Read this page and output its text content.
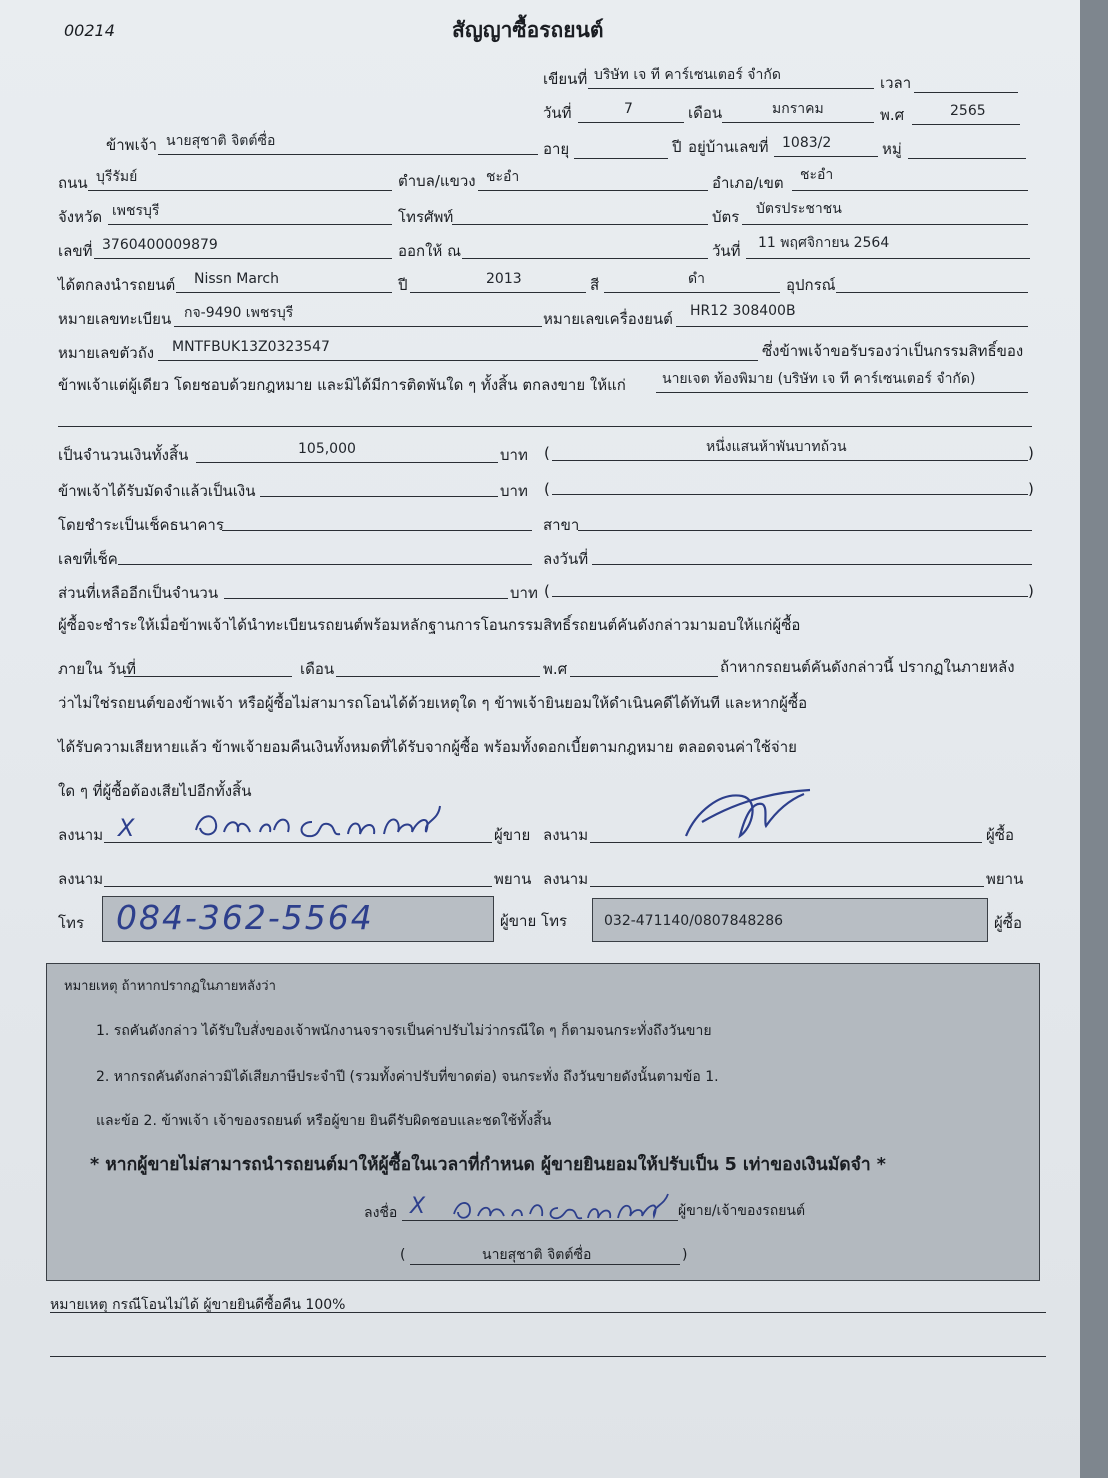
00214	สัญญาซื้อรถยนต์
เขียนที่ บริษัท เจ ที คาร์เซนเตอร์ จำกัด	เวลา
วันที่	7	เดือน	มกราคม	พ.ศ	2565
ข้าพเจ้า นายสุชาติ จิตต์ซื่อ	อายุ	ปี อยู่บ้านเลขที่ 1083/2	หมู่
ถนน บุรีรัมย์	ตำบล/แขวง ชะอำ	อำเภอ/เขต ชะอำ
จังหวัด เพชรบุรี	โทรศัพท์	บัตร บัตรประชาชน
เลขที่ 3760400009879	ออกให้ ณ	วันที่ 11 พฤศจิกายน 2564
ได้ตกลงนำรถยนต์ Nissn March	ปี	2013	สี	ดำ	อุปกรณ์
หมายเลขทะเบียน กจ-9490 เพชรบุรี	หมายเลขเครื่องยนต์ HR12 308400B
หมายเลขตัวถัง MNTFBUK13Z0323547	ซึ่งข้าพเจ้าขอรับรองว่าเป็นกรรมสิทธิ์ของ
ข้าพเจ้าแต่ผู้เดียว โดยชอบด้วยกฎหมาย และมิได้มีการติดพันใด ๆ ทั้งสิ้น ตกลงขาย ให้แก่	นายเจต ท้องพิมาย (บริษัท เจ ที คาร์เซนเตอร์ จำกัด)
เป็นจำนวนเงินทั้งสิ้น	105,000	บาท (	หนึ่งแสนห้าพันบาทถ้วน	)
ข้าพเจ้าได้รับมัดจำแล้วเป็นเงิน	บาท (	)
โดยชำระเป็นเช็คธนาคาร	สาขา
เลขที่เช็ค	ลงวันที่
ส่วนที่เหลืออีกเป็นจำนวน	บาท (	)
ผู้ซื้อจะชำระให้เมื่อข้าพเจ้าได้นำทะเบียนรถยนต์พร้อมหลักฐานการโอนกรรมสิทธิ์รถยนต์คันดังกล่าวมามอบให้แก่ผู้ซื้อ
ภายใน วันที่	เดือน	พ.ศ	ถ้าหากรถยนต์คันดังกล่าวนี้ ปรากฏในภายหลัง
ว่าไม่ใช่รถยนต์ของข้าพเจ้า หรือผู้ซื้อไม่สามารถโอนได้ด้วยเหตุใด ๆ ข้าพเจ้ายินยอมให้ดำเนินคดีได้ทันที และหากผู้ซื้อ
ได้รับความเสียหายแล้ว ข้าพเจ้ายอมคืนเงินทั้งหมดที่ได้รับจากผู้ซื้อ พร้อมทั้งดอกเบี้ยตามกฎหมาย ตลอดจนค่าใช้จ่าย
ใด ๆ ที่ผู้ซื้อต้องเสียไปอีกทั้งสิ้น
ลงนาม X	ผู้ขาย ลงนาม	ผู้ซื้อ
ลงนาม	พยาน ลงนาม	พยาน
โทร 084-362-5564	ผู้ขาย โทร	032-471140/0807848286	ผู้ซื้อ
หมายเหตุ ถ้าหากปรากฏในภายหลังว่า
1. รถคันดังกล่าว ได้รับใบสั่งของเจ้าพนักงานจราจรเป็นค่าปรับไม่ว่ากรณีใด ๆ ก็ตามจนกระทั่งถึงวันขาย
2. หากรถคันดังกล่าวมิได้เสียภาษีประจำปี (รวมทั้งค่าปรับที่ขาดต่อ) จนกระทั่ง ถึงวันขายดังนั้นตามข้อ 1.
และข้อ 2. ข้าพเจ้า เจ้าของรถยนต์ หรือผู้ขาย ยินดีรับผิดชอบและชดใช้ทั้งสิ้น
* หากผู้ขายไม่สามารถนำรถยนต์มาให้ผู้ซื้อในเวลาที่กำหนด ผู้ขายยินยอมให้ปรับเป็น 5 เท่าของเงินมัดจำ *
ลงชื่อ X	ผู้ขาย/เจ้าของรถยนต์
(	นายสุชาติ จิตต์ซื่อ	)
หมายเหตุ กรณีโอนไม่ได้ ผู้ขายยินดีซื้อคืน 100%
